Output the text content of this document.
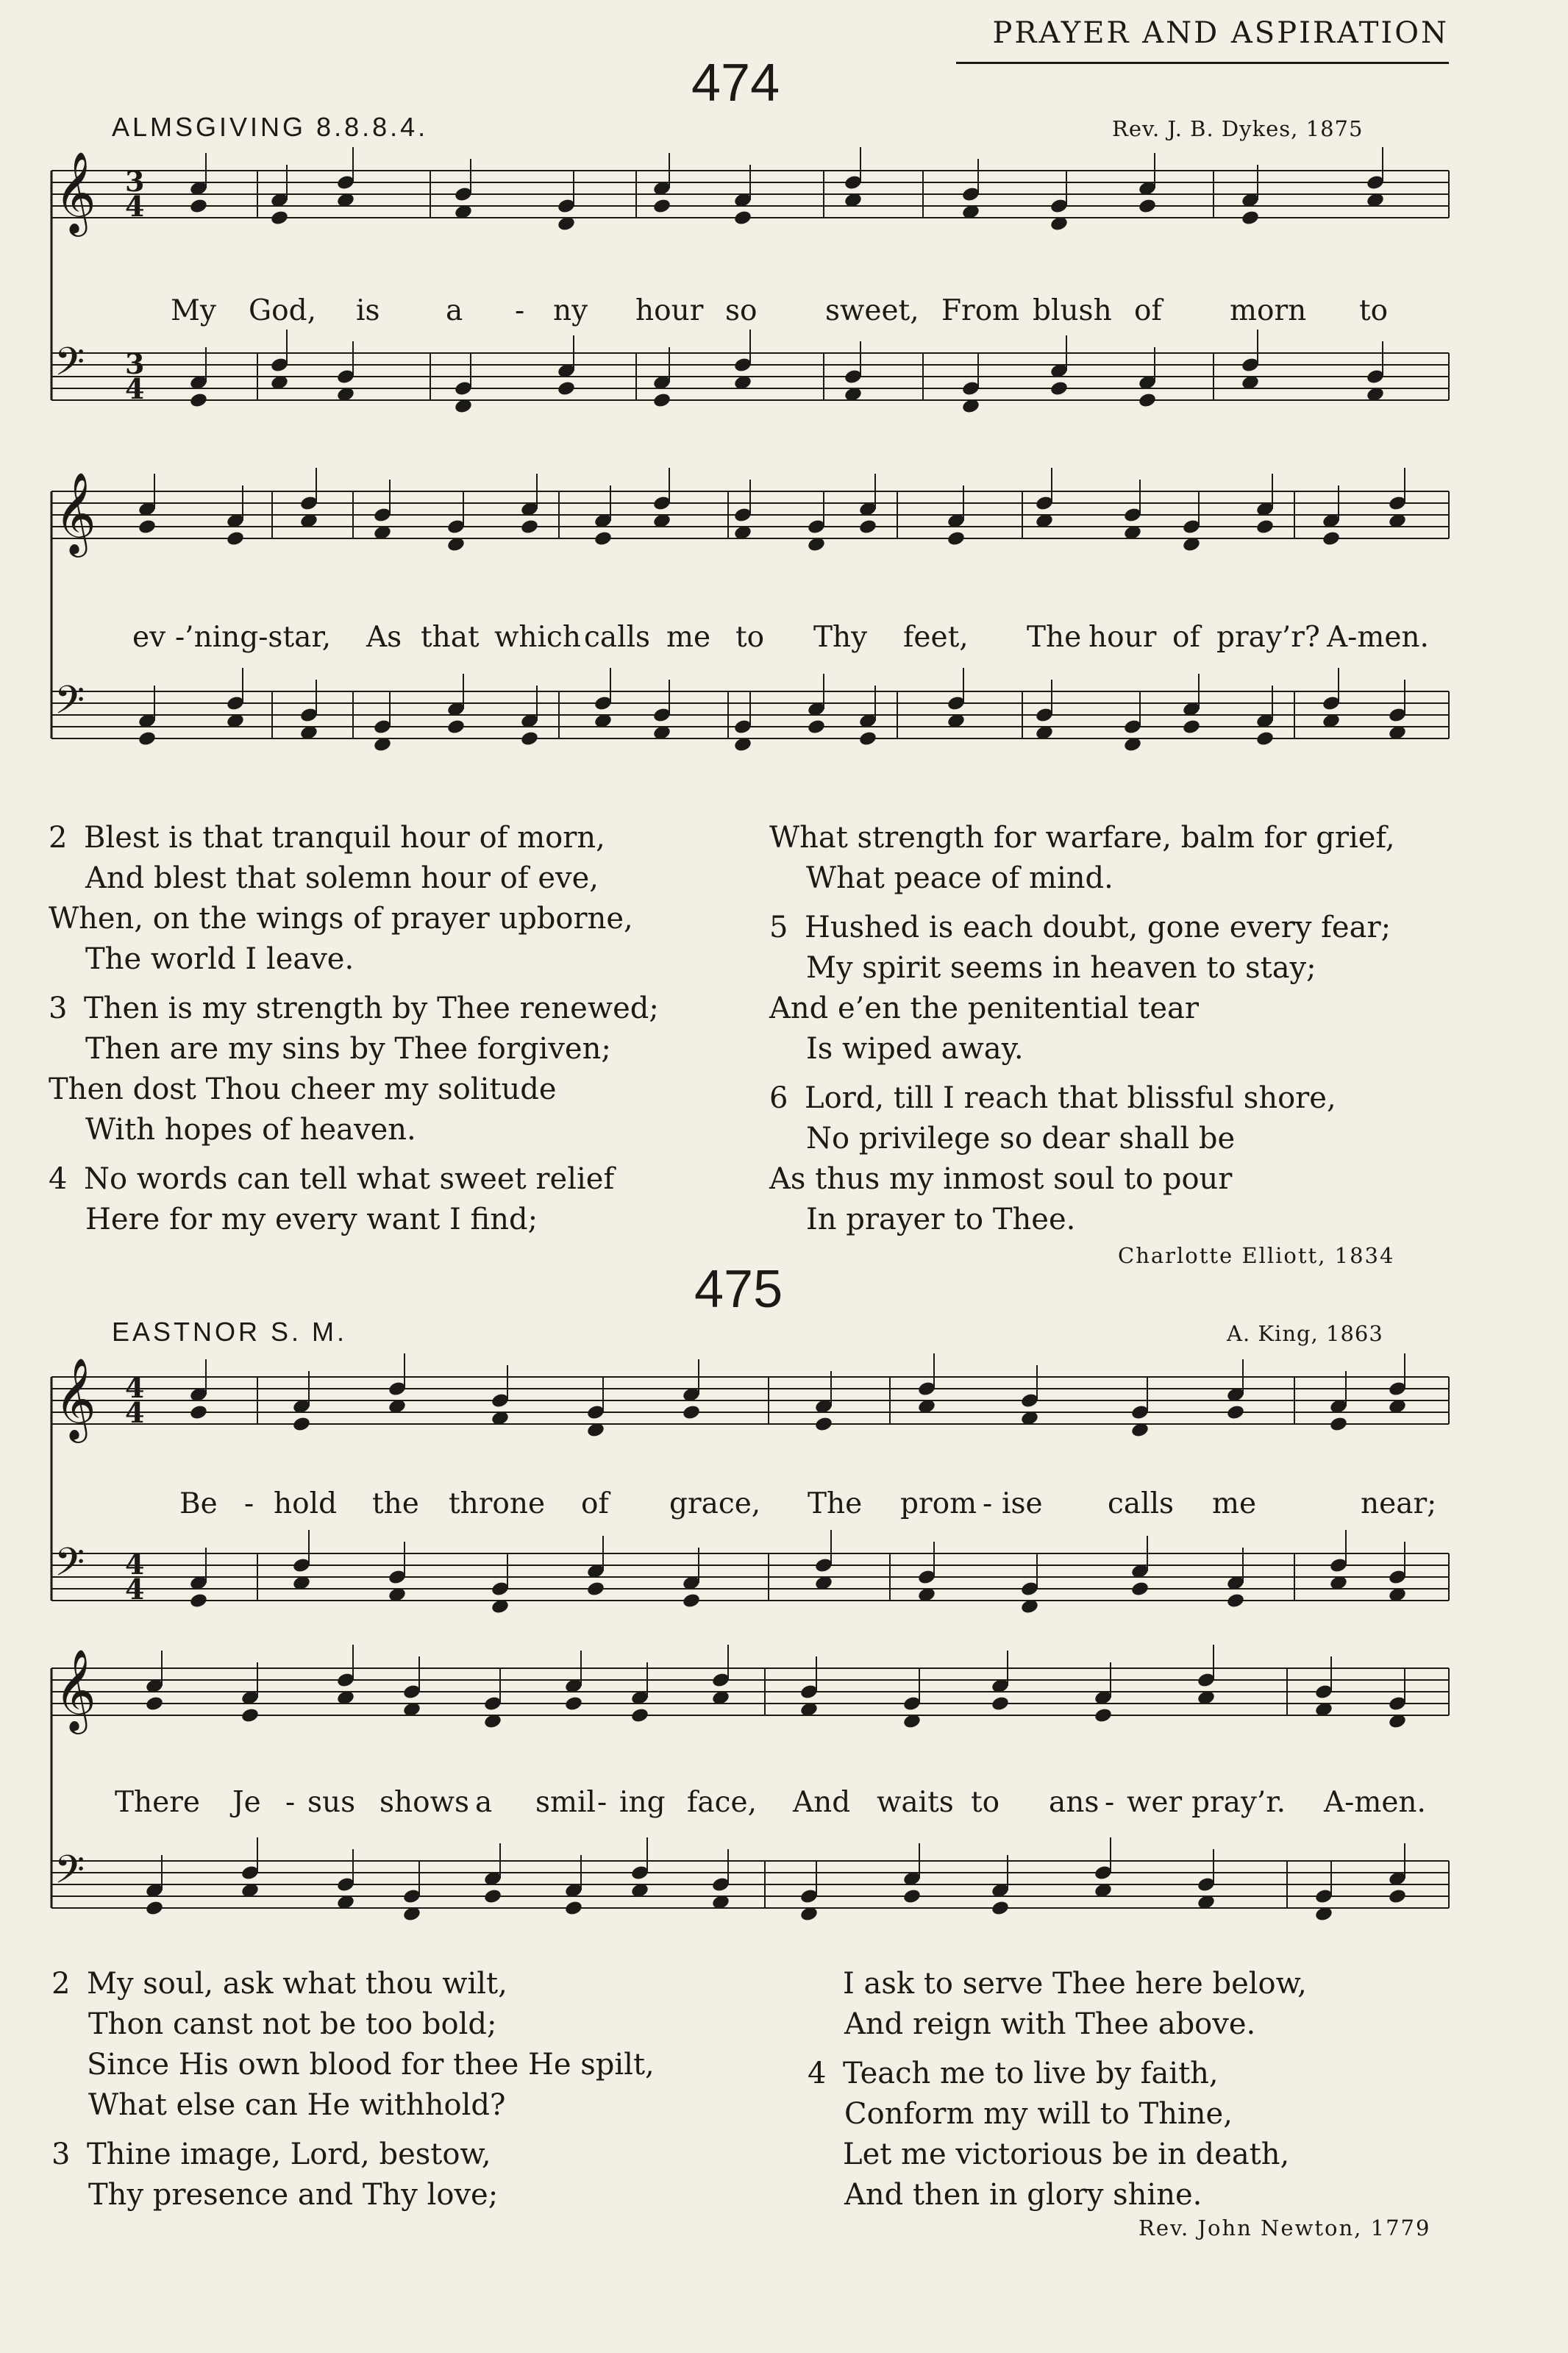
PRAYER AND ASPIRATION
474
ALMSGIVING 8.8.8.4.	Rev. J. B. Dykes, 1875
𝄞
𝄢
3
4
3
4
𝄞
𝄢
𝄞
𝄢
4
4
4
4
𝄞
𝄢
My God, is a - ny hour so sweet, From blush of morn to
ev -’ning-star, As that which calls me to Thy feet, The hour of pray’r? A-men.
2 Blest is that tranquil hour of morn,
And blest that solemn hour of eve,
When, on the wings of prayer upborne,
The world I leave.
3 Then is my strength by Thee renewed;
Then are my sins by Thee forgiven;
Then dost Thou cheer my solitude
With hopes of heaven.
4 No words can tell what sweet relief
Here for my every want I find;
What strength for warfare, balm for grief,
What peace of mind.
5 Hushed is each doubt, gone every fear;
My spirit seems in heaven to stay;
And e’en the penitential tear
Is wiped away.
6 Lord, till I reach that blissful shore,
No privilege so dear shall be
As thus my inmost soul to pour
In prayer to Thee.
Charlotte Elliott, 1834
475
EASTNOR S. M.	A. King, 1863
Be - hold the throne of grace, The prom - ise calls me	near;
There Je - sus shows a smil - ing face, And waits to ans - wer pray’r. A-men.
2 My soul, ask what thou wilt,
Thon canst not be too bold;
Since His own blood for thee He spilt,
What else can He withhold?
3 Thine image, Lord, bestow,
Thy presence and Thy love;
I ask to serve Thee here below,
And reign with Thee above.
4 Teach me to live by faith,
Conform my will to Thine,
Let me victorious be in death,
And then in glory shine.
Rev. John Newton, 1779
